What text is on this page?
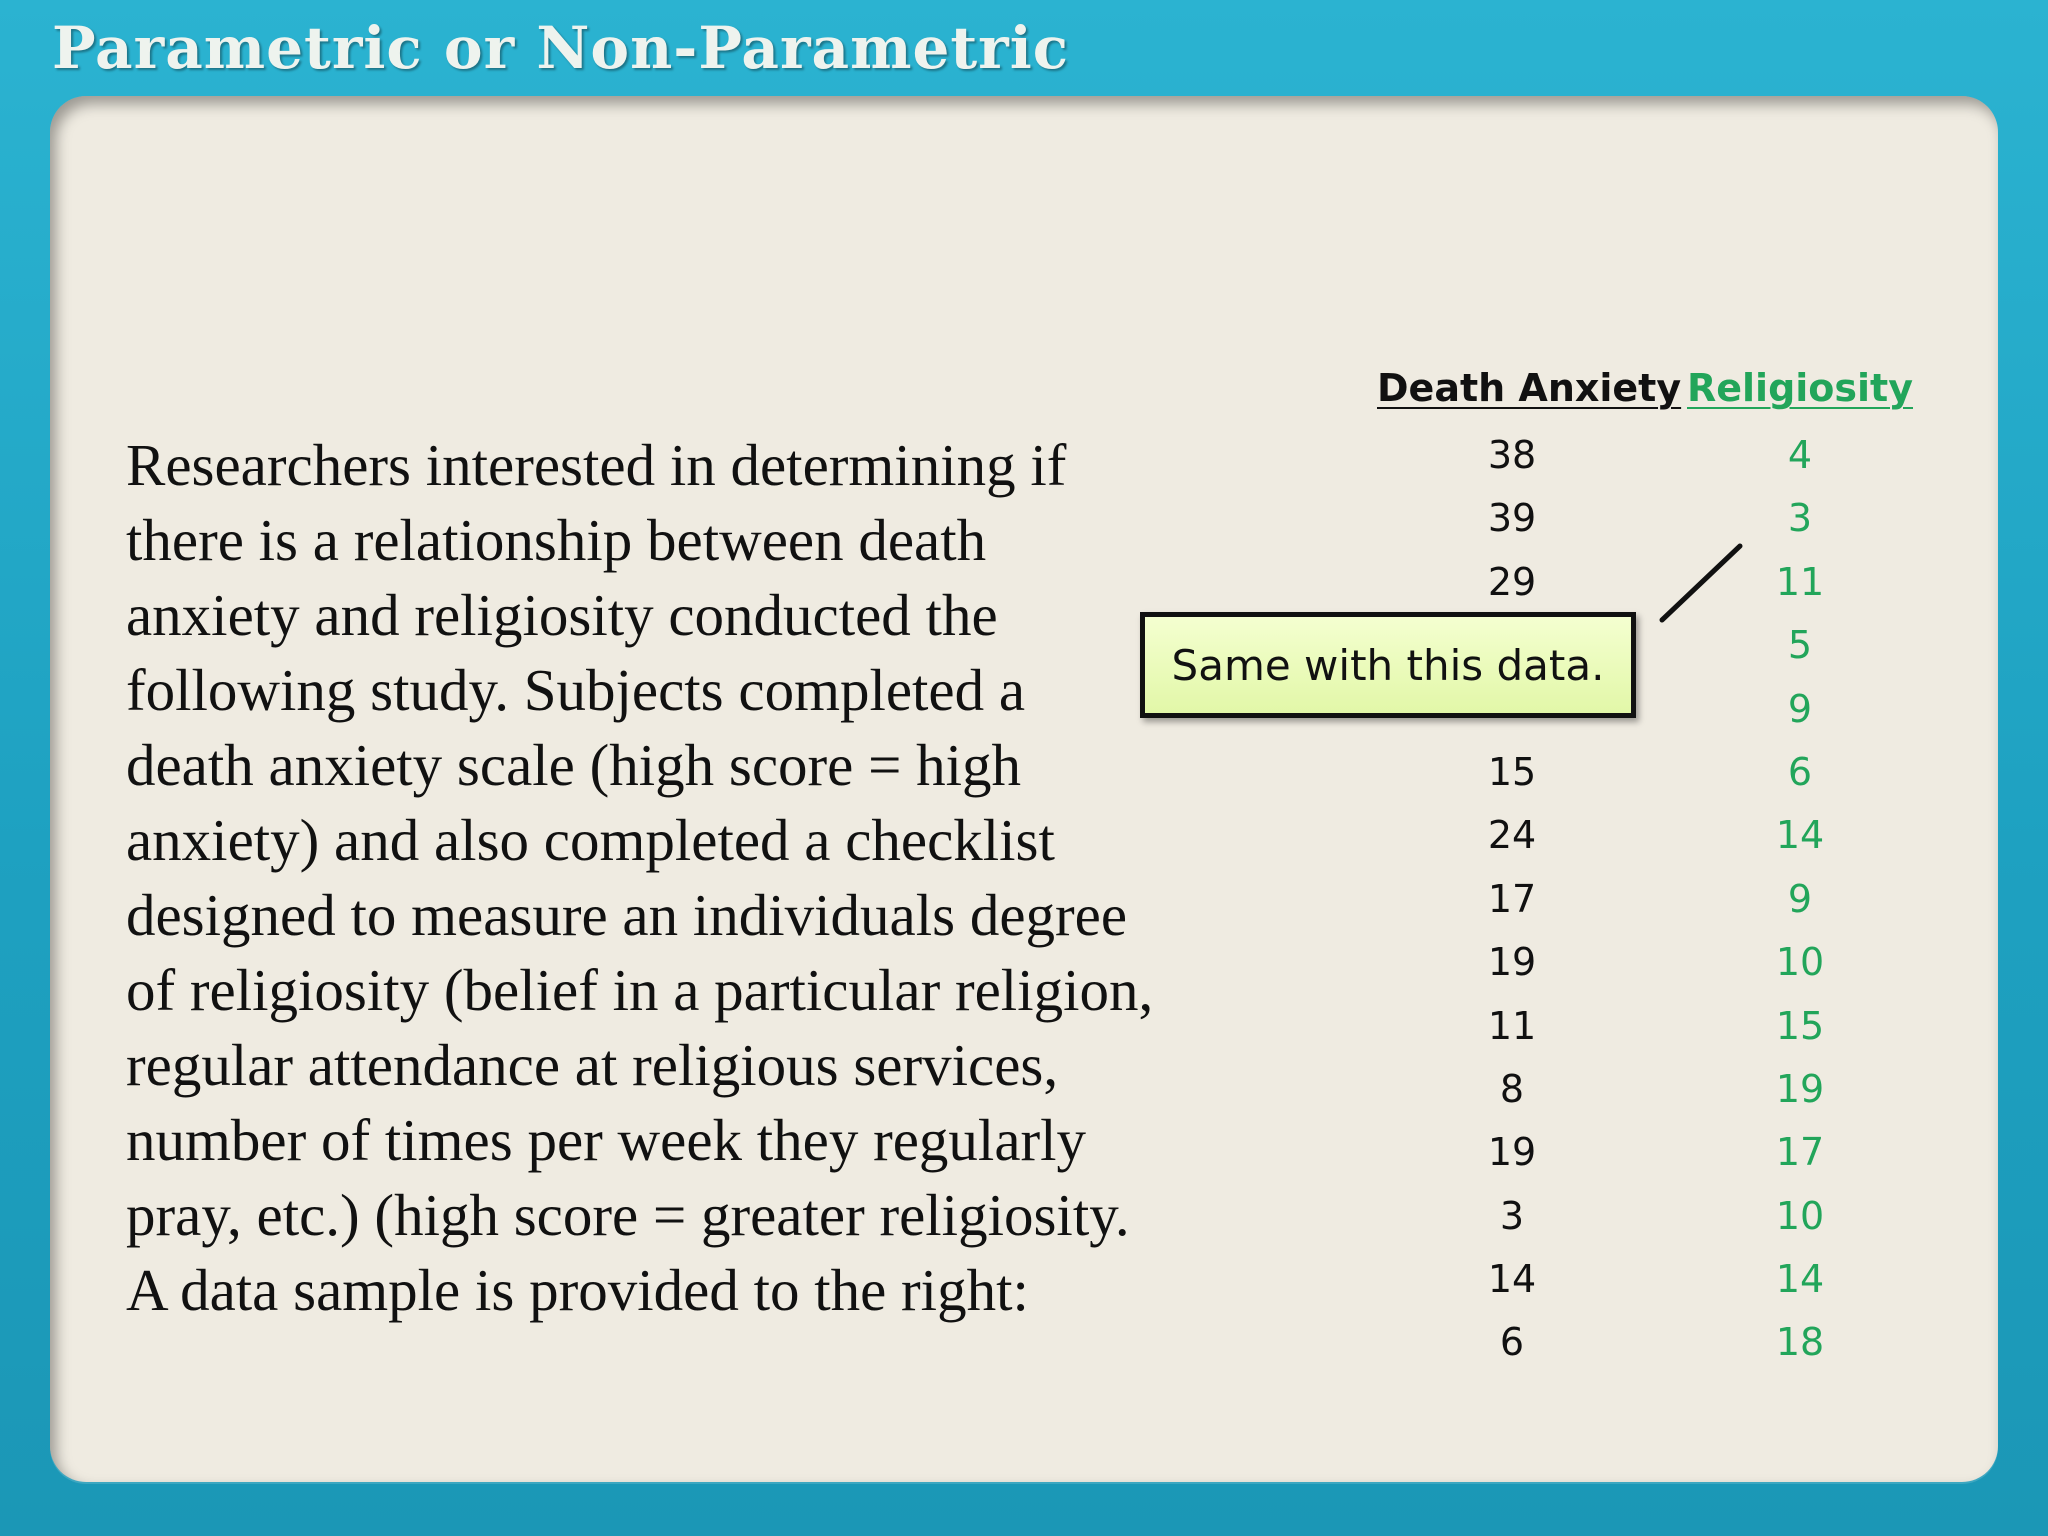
Parametric or Non-Parametric
Researchers interested in determining if
there is a relationship between death
anxiety and religiosity conducted the
following study. Subjects completed a
death anxiety scale (high score = high
anxiety) and also completed a checklist
designed to measure an individuals degree
of religiosity (belief in a particular religion,
regular attendance at religious services,
number of times per week they regularly
pray, etc.) (high score = greater religiosity.
A data sample is provided to the right:
Death Anxiety Religiosity
38
39
29
15
24
17
19
11
8
19
3
14
6
4
3
11
5
9
6
14
9
10
15
19
17
10
14
18
Same with this data.
